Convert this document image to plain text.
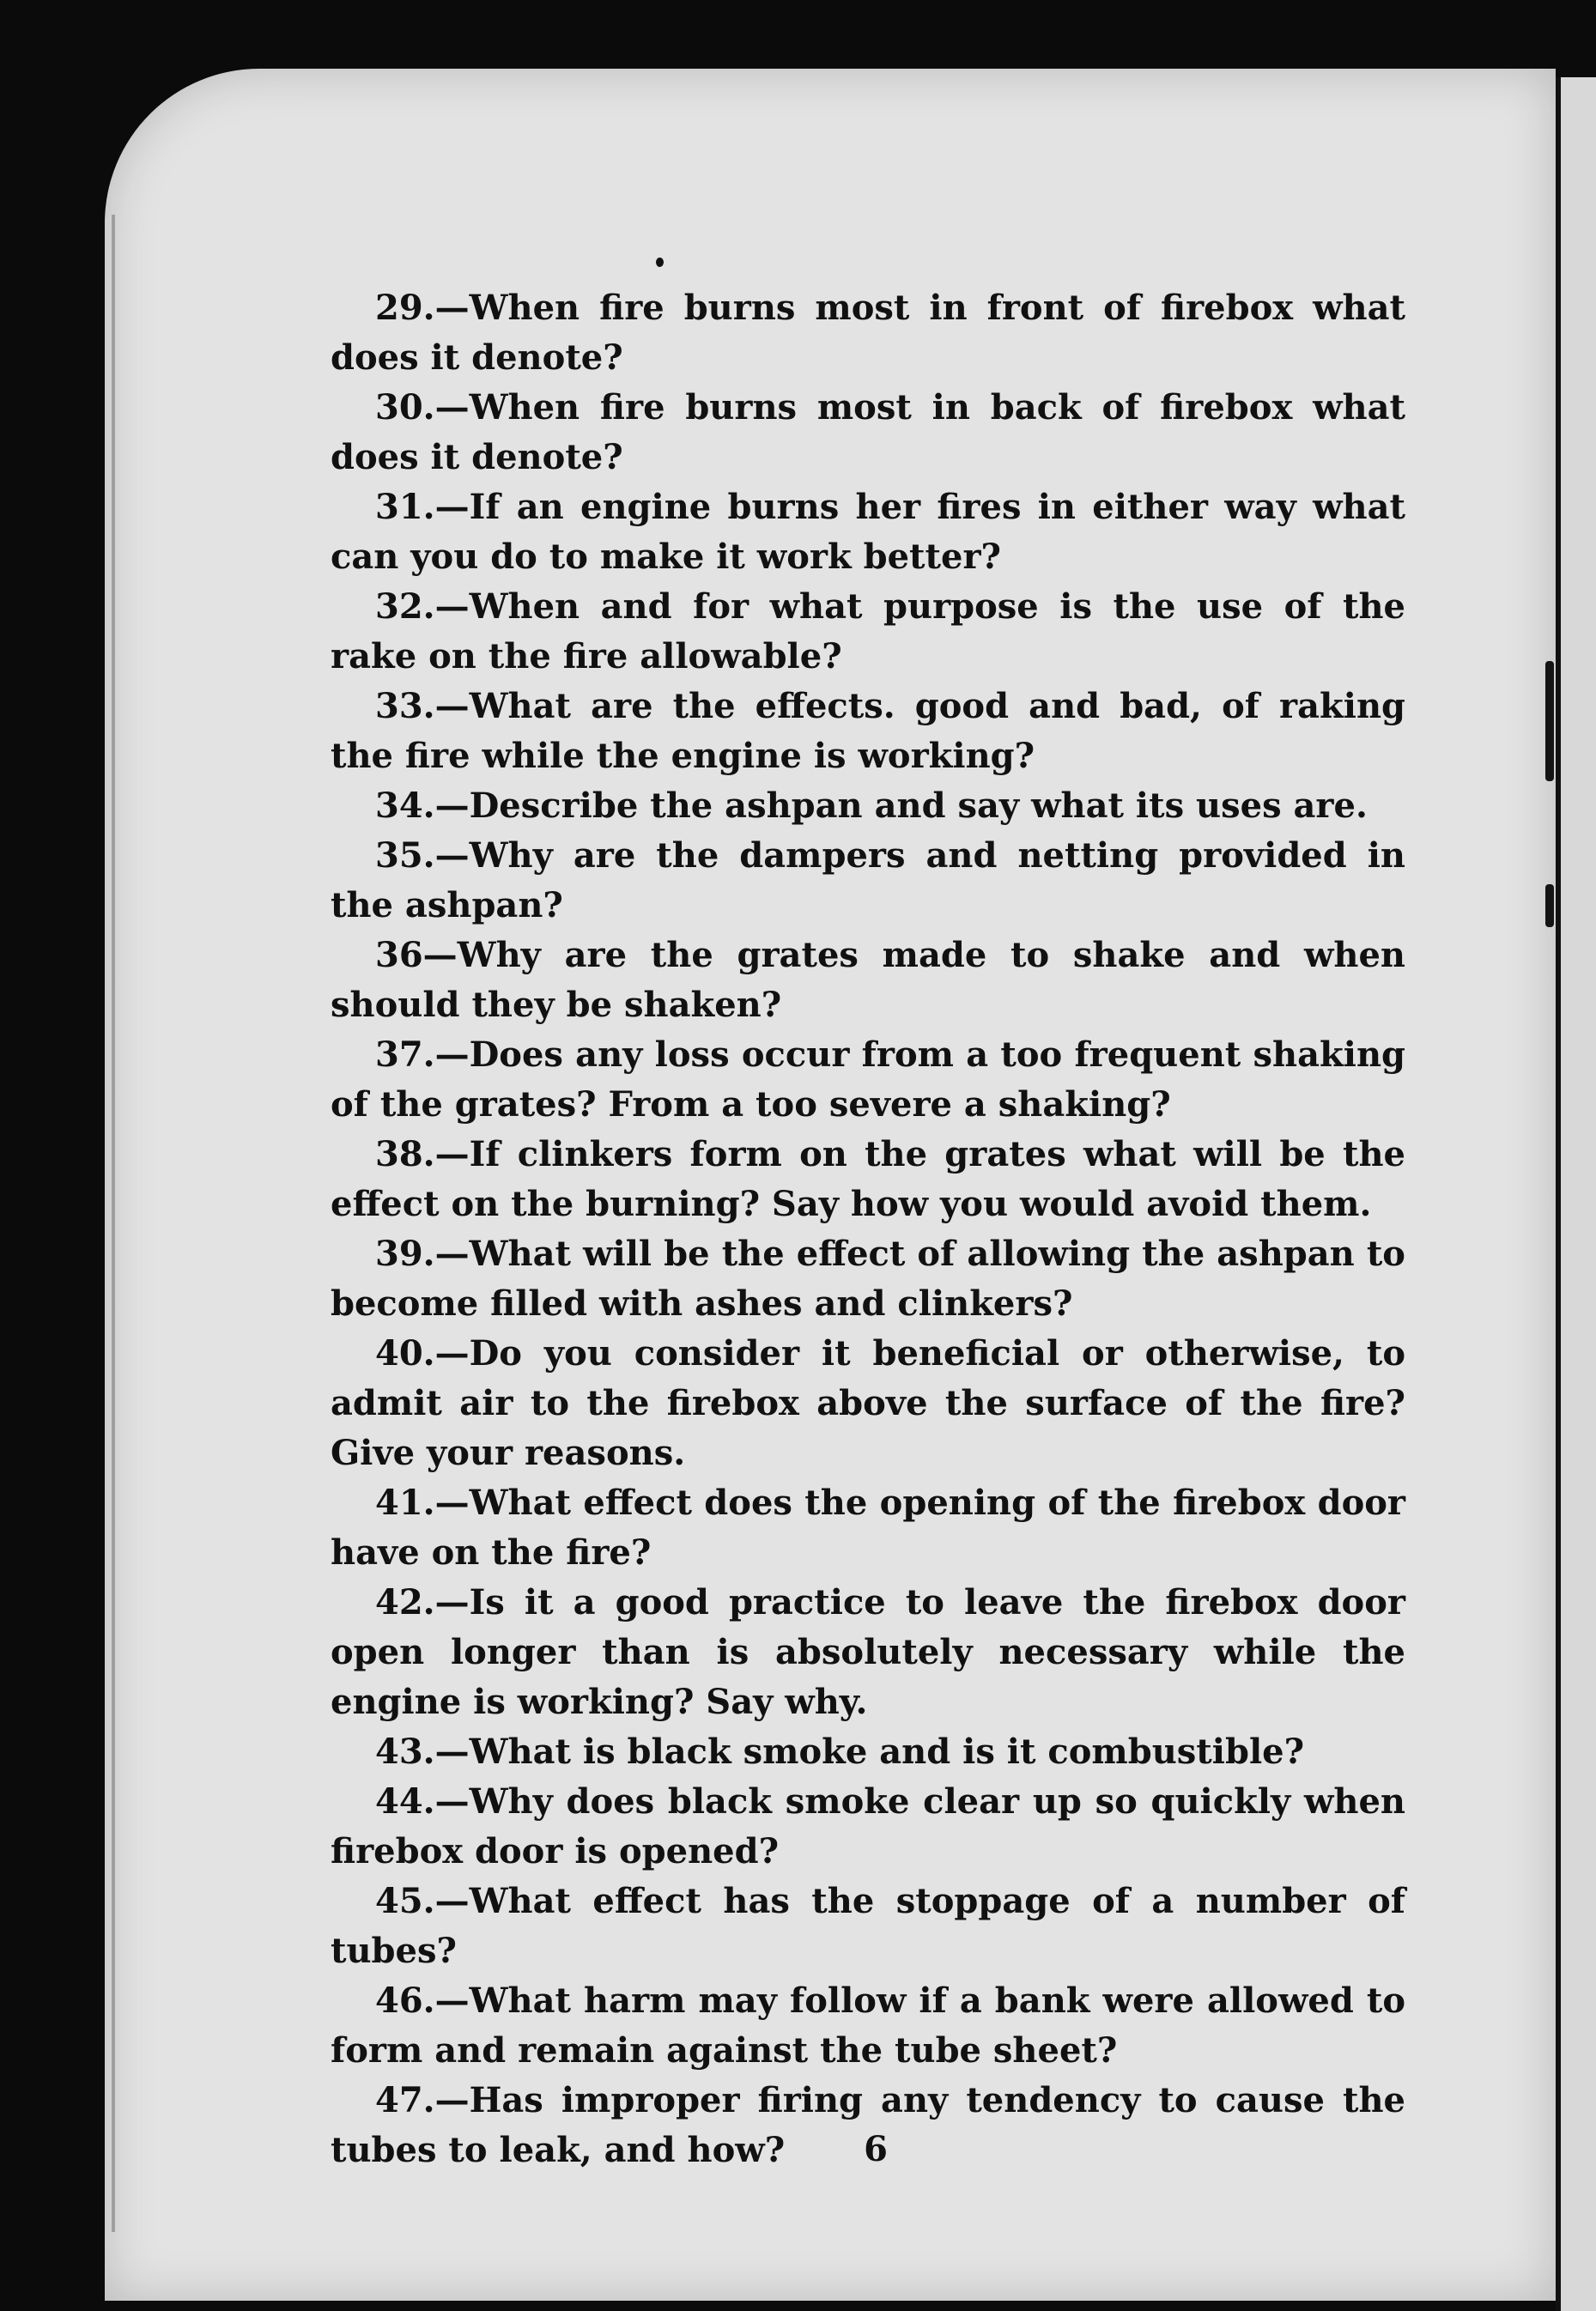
29.—When fire burns most in front of firebox what does it denote?

30.—When fire burns most in back of firebox what does it denote?

31.—If an engine burns her fires in either way what can you do to make it work better?

32.—When and for what purpose is the use of the rake on the fire allowable?

33.—What are the effects. good and bad, of raking the fire while the engine is working?

34.—Describe the ashpan and say what its uses are.

35.—Why are the dampers and netting provided in the ashpan?

36—Why are the grates made to shake and when should they be shaken?

37.—Does any loss occur from a too frequent shaking of the grates? From a too severe a shaking?

38.—If clinkers form on the grates what will be the effect on the burning? Say how you would avoid them.

39.—What will be the effect of allowing the ashpan to become filled with ashes and clinkers?

40.—Do you consider it beneficial or otherwise, to admit air to the firebox above the surface of the fire? Give your reasons.

41.—What effect does the opening of the firebox door have on the fire?

42.—Is it a good practice to leave the firebox door open longer than is absolutely necessary while the engine is working? Say why.

43.—What is black smoke and is it combustible?

44.—Why does black smoke clear up so quickly when firebox door is opened?

45.—What effect has the stoppage of a number of tubes?

46.—What harm may follow if a bank were allowed to form and remain against the tube sheet?

47.—Has improper firing any tendency to cause the tubes to leak, and how?	6
